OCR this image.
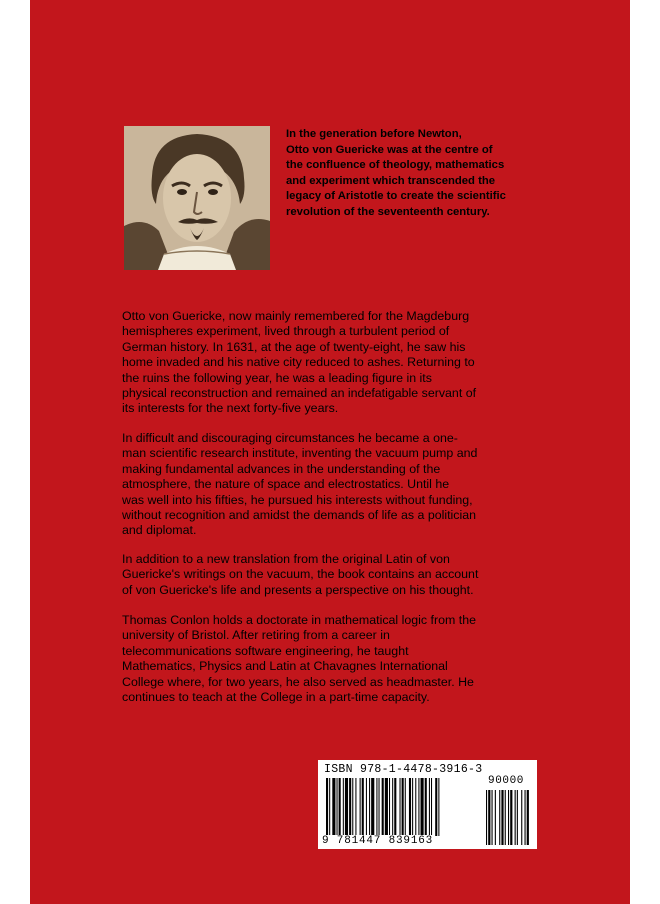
In the generation before Newton,
Otto von Guericke was at the centre of
the confluence of theology, mathematics
and experiment which transcended the
legacy of Aristotle to create the scientific
revolution of the seventeenth century.
Otto von Guericke, now mainly remembered for the Magdeburg
hemispheres experiment, lived through a turbulent period of
German history. In 1631, at the age of twenty-eight, he saw his
home invaded and his native city reduced to ashes. Returning to
the ruins the following year, he was a leading figure in its
physical reconstruction and remained an indefatigable servant of
its interests for the next forty-five years.
In difficult and discouraging circumstances he became a one-
man scientific research institute, inventing the vacuum pump and
making fundamental advances in the understanding of the
atmosphere, the nature of space and electrostatics. Until he
was well into his fifties, he pursued his interests without funding,
without recognition and amidst the demands of life as a politician
and diplomat.
In addition to a new translation from the original Latin of von
Guericke's writings on the vacuum, the book contains an account
of von Guericke's life and presents a perspective on his thought.
Thomas Conlon holds a doctorate in mathematical logic from the
university of Bristol. After retiring from a career in
telecommunications software engineering, he taught
Mathematics, Physics and Latin at Chavagnes International
College where, for two years, he also served as headmaster. He
continues to teach at the College in a part-time capacity.
ISBN 978-1-4478-3916-3
9 781447 839163
90000
